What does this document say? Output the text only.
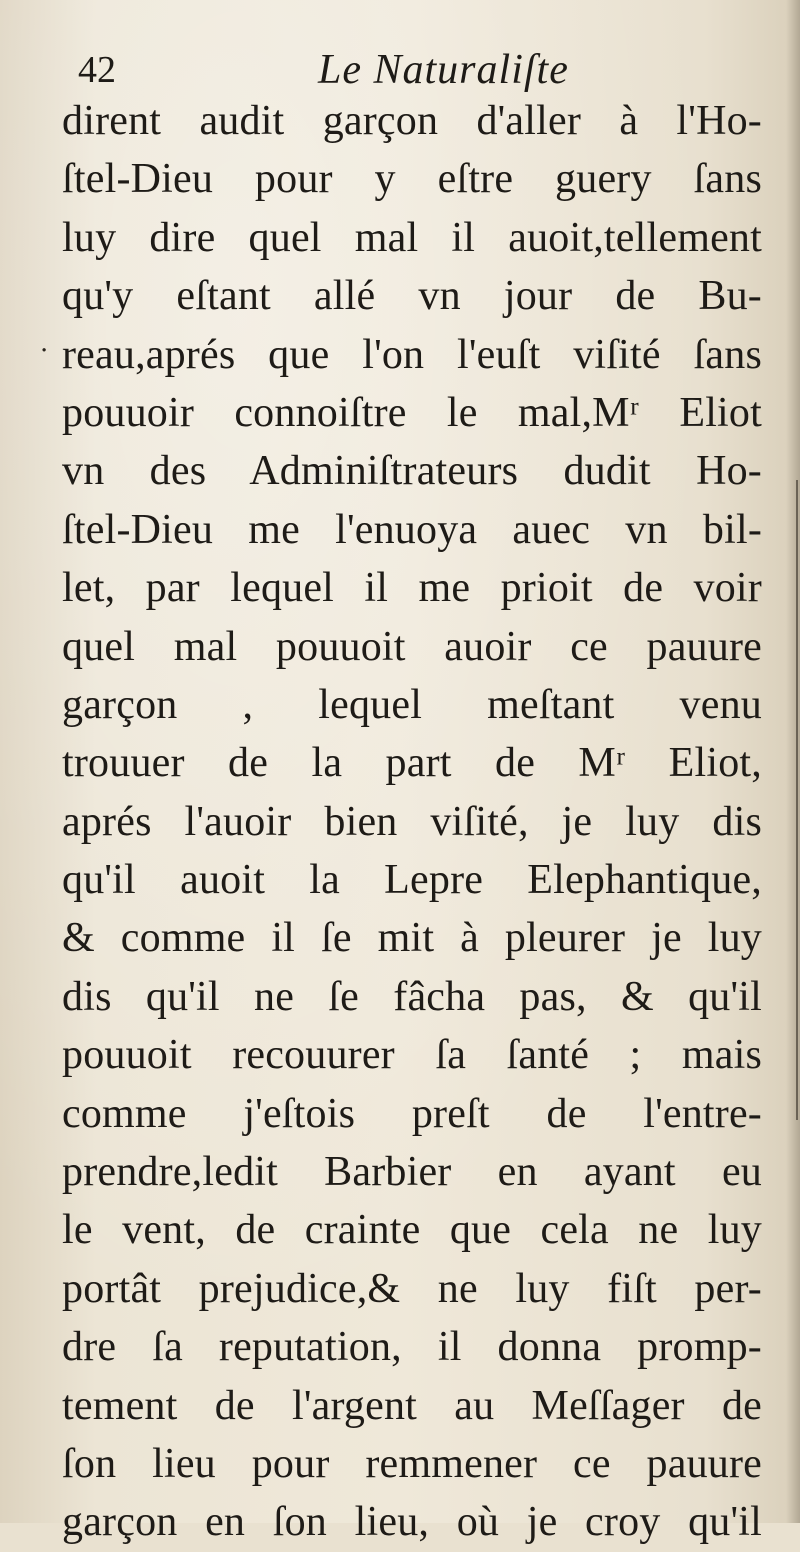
42	Le Naturaliſte
·
dirent audit garçon d'aller à l'Ho-
ſtel-Dieu pour y eſtre guery ſans
luy dire quel mal il auoit,tellement
qu'y eſtant allé vn jour de Bu-
reau,aprés que l'on l'euſt viſité ſans
pouuoir connoiſtre le mal,Mʳ Eliot
vn des Adminiſtrateurs dudit Ho-
ſtel-Dieu me l'enuoya auec vn bil-
let, par lequel il me prioit de voir
quel mal pouuoit auoir ce pauure
garçon , lequel meſtant venu
trouuer de la part de Mʳ Eliot,
aprés l'auoir bien viſité, je luy dis
qu'il auoit la Lepre Elephantique,
& comme il ſe mit à pleurer je luy
dis qu'il ne ſe fâcha pas, & qu'il
pouuoit recouurer ſa ſanté ; mais
comme j'eſtois preſt de l'entre-
prendre,ledit Barbier en ayant eu
le vent, de crainte que cela ne luy
portât prejudice,& ne luy fiſt per-
dre ſa reputation, il donna promp-
tement de l'argent au Meſſager de
ſon lieu pour remmener ce pauure
garçon en ſon lieu, où je croy qu'il
